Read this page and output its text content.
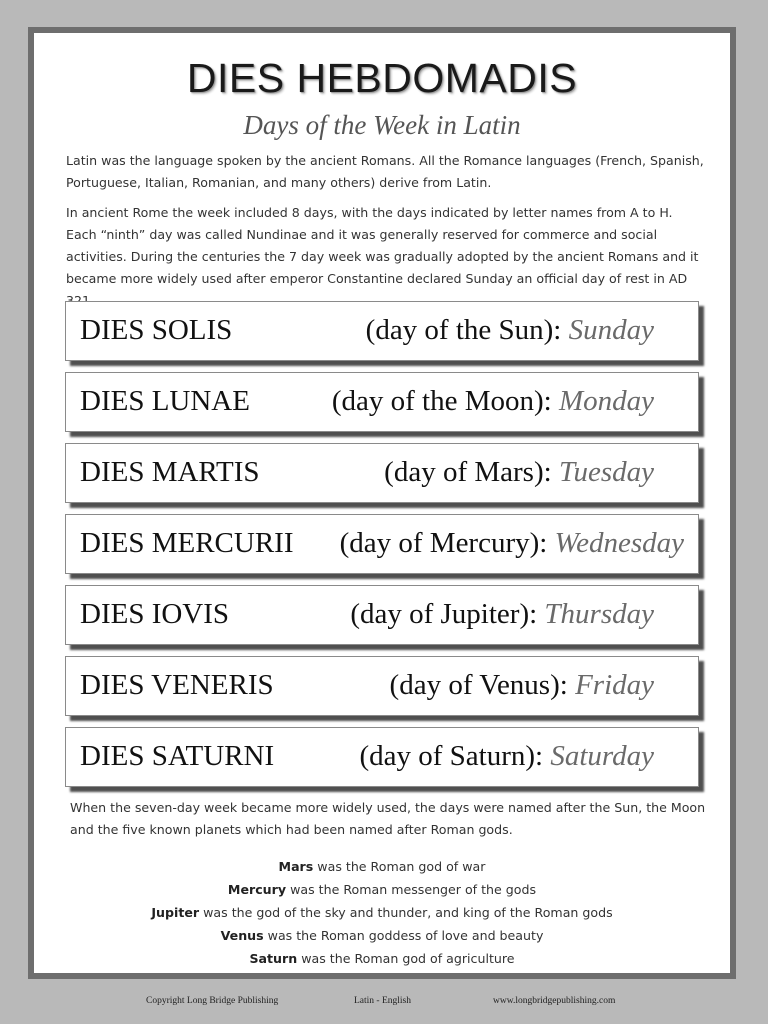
DIES HEBDOMADIS
Days of the Week in Latin
Latin was the language spoken by the ancient Romans. All the Romance languages (French, Spanish, Portuguese, Italian, Romanian, and many others) derive from Latin.
In ancient Rome the week included 8 days, with the days indicated by letter names from A to H. Each “ninth” day was called Nundinae and it was generally reserved for commerce and social activities. During the centuries the 7 day week was gradually adopted by the ancient Romans and it became more widely used after emperor Constantine declared Sunday an official day of rest in AD
DIES SOLIS	(day of the Sun): Sunday
DIES LUNAE	(day of the Moon): Monday
DIES MARTIS	(day of Mars): Tuesday
DIES MERCURII (day of Mercury): Wednesday
DIES IOVIS	(day of Jupiter): Thursday
DIES VENERIS	(day of Venus): Friday
DIES SATURNI	(day of Saturn): Saturday
When the seven-day week became more widely used, the days were named after the Sun, the Moon and the five known planets which had been named after Roman gods.
Mars was the Roman god of war
Mercury was the Roman messenger of the gods
Jupiter was the god of the sky and thunder, and king of the Roman gods
Venus was the Roman goddess of love and beauty
Saturn was the Roman god of agriculture
Copyright Long Bridge Publishing	Latin - English	www.longbridgepublishing.com
